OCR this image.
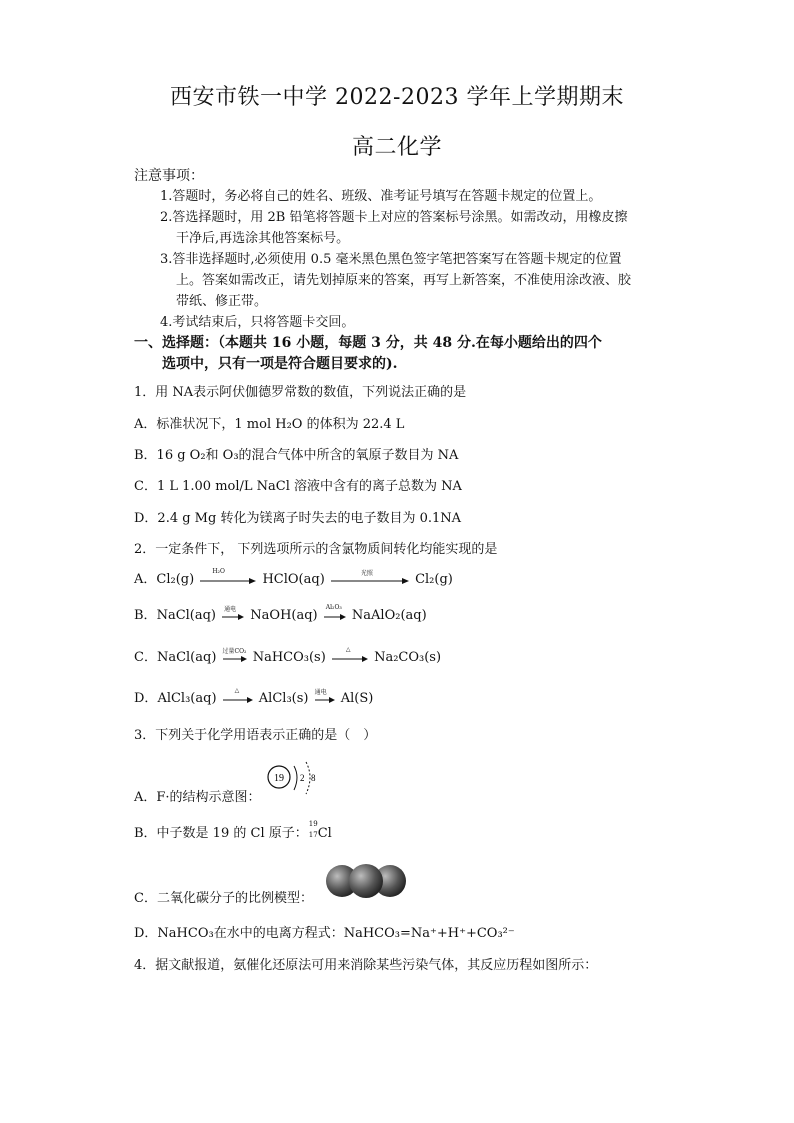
西安市铁一中学 2022-2023 学年上学期期末
高二化学
注意事项：
1.答题时，务必将自己的姓名、班级、准考证号填写在答题卡规定的位置上。
2.答选择题时，用 2B 铅笔将答题卡上对应的答案标号涂黑。如需改动，用橡皮擦
干净后,再选涂其他答案标号。
3.答非选择题时,必须使用 0.5 毫米黑色黑色签字笔把答案写在答题卡规定的位置
上。答案如需改正，请先划掉原来的答案，再写上新答案，不准使用涂改液、胶
带纸、修正带。
4.考试结束后，只将答题卡交回。
一、选择题：（本题共 16 小题，每题 3 分，共 48 分.在每小题给出的四个
选项中，只有一项是符合题目要求的).
1．用 NA表示阿伏伽德罗常数的数值，下列说法正确的是
A．标准状况下，1 mol H₂O 的体积为 22.4 L
B．16 g O₂和 O₃的混合气体中所含的氧原子数目为 NA
C．1 L 1.00 mol/L NaCl 溶液中含有的离子总数为 NA
D．2.4 g Mg 转化为镁离子时失去的电子数目为 0.1NA
2．一定条件下， 下列选项所示的含氯物质间转化均能实现的是
A．Cl₂(g)
H₂O
HClO(aq)	光照	Cl₂(g)
B．NaCl(aq) 通电 NaOH(aq)
Al₂O₃
NaAlO₂(aq)
C．NaCl(aq) 过量CO₂ NaHCO₃(s)
△
Na₂CO₃(s)
D．AlCl₃(aq)
△
AlCl₃(s) 通电 Al(S)
3．下列关于化学用语表示正确的是（　）
A．F·的结构示意图：
19 2 8
B．中子数是 19 的 Cl 原子：
19
17 Cl
C．二氧化碳分子的比例模型：
D．NaHCO₃在水中的电离方程式：NaHCO₃=Na⁺+H⁺+CO₃²⁻
4．据文献报道，氨催化还原法可用来消除某些污染气体，其反应历程如图所示：
